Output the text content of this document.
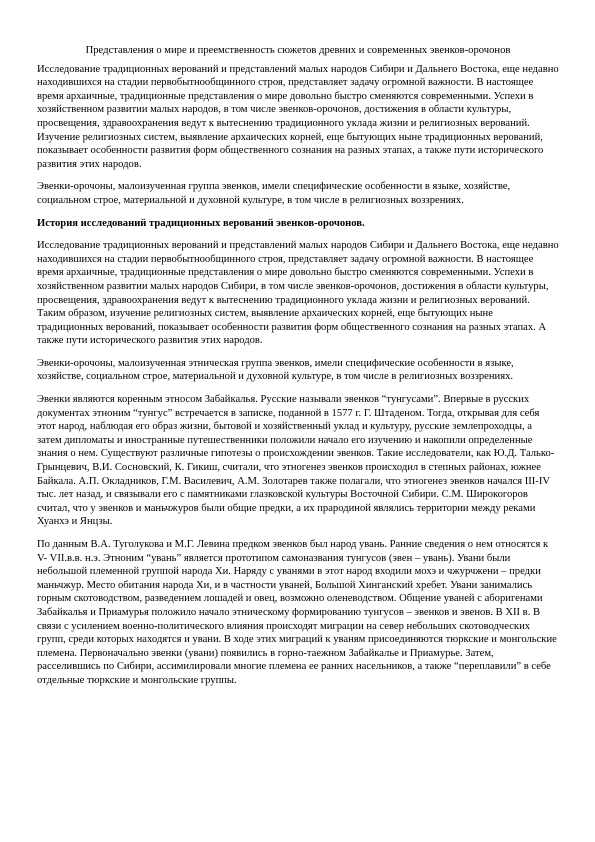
Представления о мире и преемственность сюжетов древних и современных эвенков-орочонов

Исследование традиционных верований и представлений малых народов Сибири и Дальнего Востока, еще недавно находившихся на стадии первобытнообщинного строя, представляет задачу огромной важности. В настоящее время архаичные, традиционные представления о мире довольно быстро сменяются современными. Успехи в хозяйственном развитии малых народов, в том числе эвенков-орочонов, достижения в области культуры, просвещения, здравоохранения ведут к вытеснению традиционного уклада жизни и религиозных верований. Изучение религиозных систем, выявление архаических корней, еще бытующих ныне традиционных верований, показывает особенности развития форм общественного сознания на разных этапах, а также пути исторического развития этих народов.

Эвенки-орочоны, малоизученная группа эвенков, имели специфические особенности в языке, хозяйстве, социальном строе, материальной и духовной культуре, в том числе в религиозных воззрениях.

История исследований традиционных верований эвенков-орочонов.

Исследование традиционных верований и представлений малых народов Сибири и Дальнего Востока, еще недавно находившихся на стадии первобытнообщинного строя, представляет задачу огромной важности. В настоящее время архаичные, традиционные представления о мире довольно быстро сменяются современными. Успехи в хозяйственном развитии малых народов Сибири, в том числе эвенков-орочонов, достижения в области культуры, просвещения, здравоохранения ведут к вытеснению традиционного уклада жизни и религиозных верований. Таким образом, изучение религиозных систем, выявление архаических корней, еще бытующих ныне традиционных верований, показывает особенности развития форм общественного сознания на разных этапах. А также пути исторического развития этих народов.

Эвенки-орочоны, малоизученная этническая группа эвенков, имели специфические особенности в языке, хозяйстве, социальном строе, материальной и духовной культуре, в том числе в религиозных воззрениях.

Эвенки являются коренным этносом Забайкалья. Русские называли эвенков “тунгусами”. Впервые в русских документах этноним “тунгус” встречается в записке, поданной в 1577 г. Г. Штаденом. Тогда, открывая для себя этот народ, наблюдая его образ жизни, бытовой и хозяйственный уклад и культуру, русские землепроходцы, а затем дипломаты и иностранные путешественники положили начало его изучению и накопили определенные знания о нем. Существуют различные гипотезы о происхождении эвенков. Такие исследователи, как Ю.Д. Талько-Грынцевич, В.И. Сосновский, К. Гикиш, считали, что этногенез эвенков происходил в степных районах, южнее Байкала. А.П. Окладников, Г.М. Василевич, А.М. Золотарев также полагали, что этногенез эвенков начался III-IV тыс. лет назад, и связывали его с памятниками глазковской культуры Восточной Сибири. С.М. Широкогоров считал, что у эвенков и маньчжуров были общие предки, а их прародиной являлись территории между реками Хуанхэ и Янцзы.

По данным В.А. Туголукова и М.Г. Левина предком эвенков был народ увань. Ранние сведения о нем относятся к V- VII.в.в. н.э. Этноним “увань” является прототипом самоназвания тунгусов (эвен – увань). Увани были небольшой племенной группой народа Хи. Наряду с уванями в этот народ входили мохэ и чжурчжени – предки маньчжур. Место обитания народа Хи, и в частности уваней, Большой Хинганский хребет. Увани занимались горным скотоводством, разведением лошадей и овец, возможно оленеводством. Общение уваней с аборигенами Забайкалья и Приамурья положило начало этническому формированию тунгусов – эвенков и эвенов. В XII в. В связи с усилением военно-политического влияния происходят миграции на север небольших скотоводческих групп, среди которых находятся и увани. В ходе этих миграций к уваням присоединяются тюркские и монгольские племена. Первоначально эвенки (увани) появились в горно-таежном Забайкалье и Приамурье. Затем, расселившись по Сибири, ассимилировали многие племена ее ранних насельников, а также “переплавили” в себе отдельные тюркские и монгольские группы.
